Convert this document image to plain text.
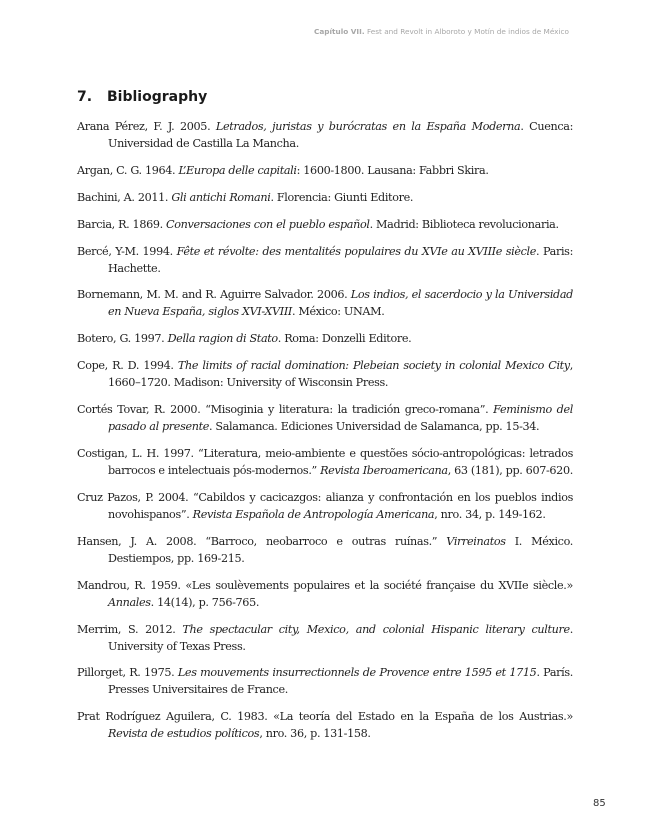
Capítulo VII. Fest and Revolt in Alboroto y Motín de indios de México
7. Bibliography
Arana Pérez, F. J. 2005. Letrados, juristas y burócratas en la España Moderna. Cuenca: Universidad de Castilla La Mancha.
Argan, C. G. 1964. L’Europa delle capitali: 1600-1800. Lausana: Fabbri Skira.
Bachini, A. 2011. Gli antichi Romani. Florencia: Giunti Editore.
Barcia, R. 1869. Conversaciones con el pueblo español. Madrid: Biblioteca revolucionaria.
Bercé, Y-M. 1994. Fête et révolte: des mentalités populaires du XVIe au XVIIIe siècle. Paris: Hachette.
Bornemann, M. M. and R. Aguirre Salvador. 2006. Los indios, el sacerdocio y la Universidad en Nueva España, siglos XVI-XVIII. México: UNAM.
Botero, G. 1997. Della ragion di Stato. Roma: Donzelli Editore.
Cope, R. D. 1994. The limits of racial domination: Plebeian society in colonial Mexico City, 1660–1720. Madison: University of Wisconsin Press.
Cortés Tovar, R. 2000. “Misoginia y literatura: la tradición greco-romana”. Feminismo del pasado al presente. Salamanca. Ediciones Universidad de Salamanca, pp. 15-34.
Costigan, L. H. 1997. “Literatura, meio-ambiente e questões sócio-antropológicas: letrados barrocos e intelectuais pós-modernos.” Revista Iberoamericana, 63 (181), pp. 607-620.
Cruz Pazos, P. 2004. “Cabildos y cacicazgos: alianza y confrontación en los pueblos indios novohispanos”. Revista Española de Antropología Americana, nro. 34, p. 149-162.
Hansen, J. A. 2008. “Barroco, neobarroco e outras ruínas.” Virreinatos I. México. Destiempos, pp. 169-215.
Mandrou, R. 1959. «Les soulèvements populaires et la société française du XVIIe siècle.» Annales. 14(14), p. 756-765.
Merrim, S. 2012. The spectacular city, Mexico, and colonial Hispanic literary culture. University of Texas Press.
Pillorget, R. 1975. Les mouvements insurrectionnels de Provence entre 1595 et 1715. París. Presses Universitaires de France.
Prat Rodríguez Aguilera, C. 1983. «La teoría del Estado en la España de los Austrias.» Revista de estudios políticos, nro. 36, p. 131-158.
85
